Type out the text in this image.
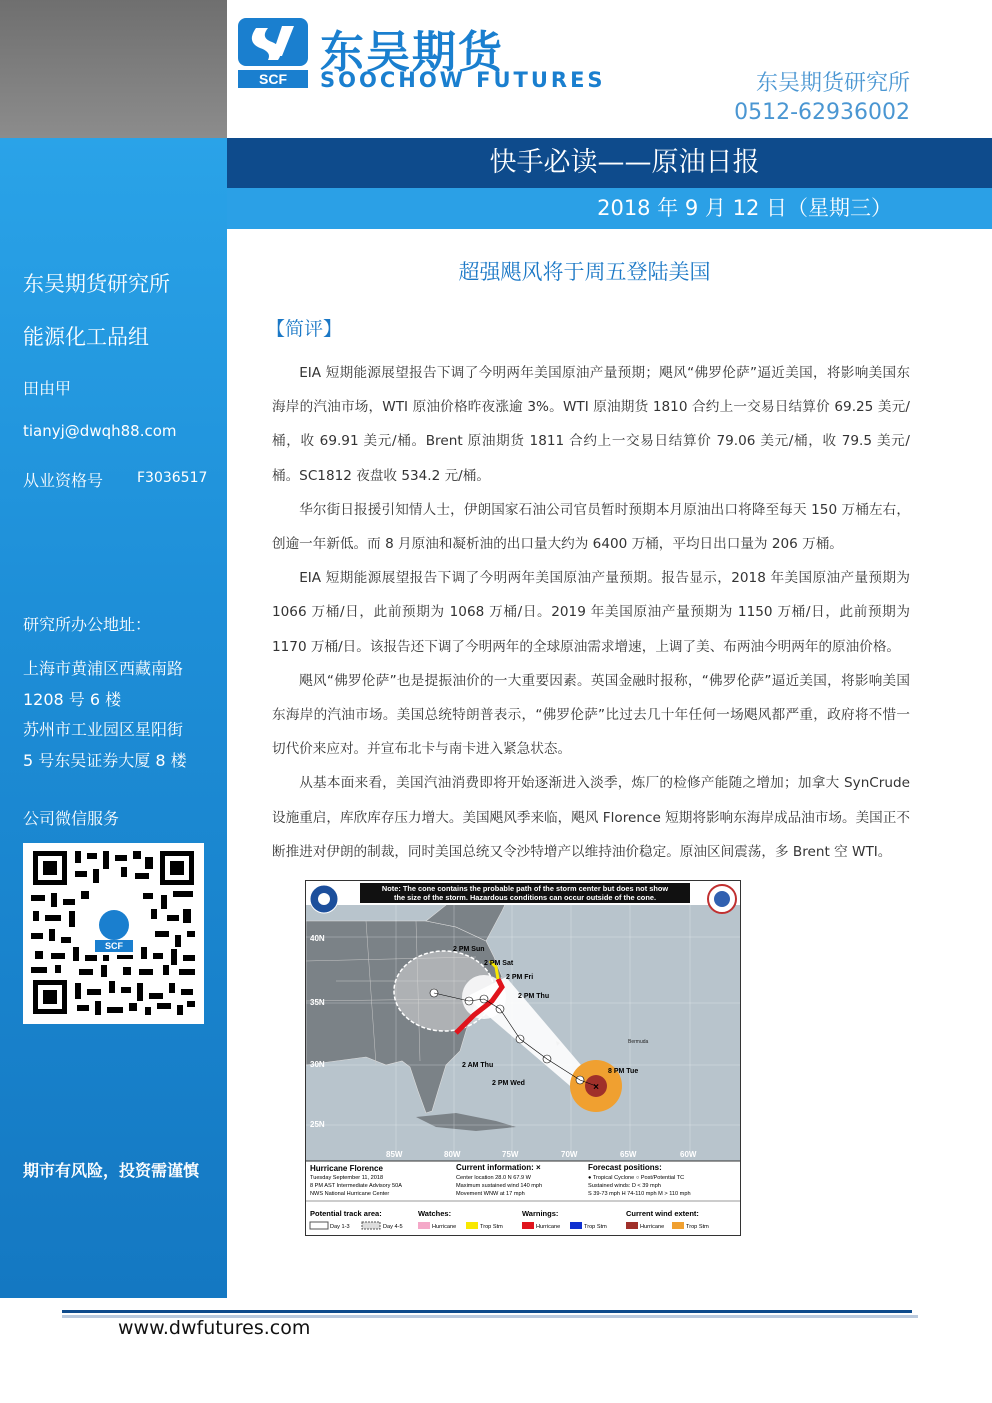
东吴期货研究所
能源化工品组
田由甲
tianyj@dwqh88.com
从业资格号 F3036517
研究所办公地址：
上海市黄浦区西藏南路
1208 号 6 楼
苏州市工业园区星阳街
5 号东吴证券大厦 8 楼
公司微信服务
SCF
期市有风险，投资需谨慎
SCF
东吴期货
SOOCHOW FUTURES	东吴期货研究所
0512-62936002
快手必读——原油日报
2018 年 9 月 12 日（星期三）
超强飓风将于周五登陆美国
【简评】

EIA 短期能源展望报告下调了今明两年美国原油产量预期；飓风“佛罗伦萨”逼近美国，将影响美国东海岸的汽油市场，WTI 原油价格昨夜涨逾 3%。WTI 原油期货 1810 合约上一交易日结算价 69.25 美元/桶，收 69.91 美元/桶。Brent 原油期货 1811 合约上一交易日结算价 79.06 美元/桶，收 79.5 美元/桶。SC1812 夜盘收 534.2 元/桶。

华尔街日报援引知情人士，伊朗国家石油公司官员暂时预期本月原油出口将降至每天 150 万桶左右，创逾一年新低。而 8 月原油和凝析油的出口量大约为 6400 万桶，平均日出口量为 206 万桶。

EIA 短期能源展望报告下调了今明两年美国原油产量预期。报告显示，2018 年美国原油产量预期为 1066 万桶/日，此前预期为 1068 万桶/日。2019 年美国原油产量预期为 1150 万桶/日，此前预期为 1170 万桶/日。该报告还下调了今明两年的全球原油需求增速，上调了美、布两油今明两年的原油价格。

飓风“佛罗伦萨”也是提振油价的一大重要因素。英国金融时报称，“佛罗伦萨”逼近美国，将影响美国东海岸的汽油市场。美国总统特朗普表示，“佛罗伦萨”比过去几十年任何一场飓风都严重，政府将不惜一切代价来应对。并宣布北卡与南卡进入紧急状态。

从基本面来看，美国汽油消费即将开始逐渐进入淡季，炼厂的检修产能随之增加；加拿大 SynCrude 设施重启，库欣库存压力增大。美国飓风季来临，飓风 Florence 短期将影响东海岸成品油市场。美国正不断推进对伊朗的制裁，同时美国总统又令沙特增产以维持油价稳定。原油区间震荡，多 Brent 空 WTI。

Note: The cone contains the probable path of the storm center but does not show
the size of the storm. Hazardous conditions can occur outside of the cone.
40N
35N
30N
25N
85W	80W	75W	70W	65W	60W
×
2 PM Sun
2 PM Sat
2 PM Fri
2 PM Thu
2 AM Thu
2 PM Wed
8 PM Tue
Bermuda
Hurricane Florence
Tuesday September 11, 2018
8 PM AST Intermediate Advisory 50A
NWS National Hurricane Center
Current information: ×
Center location 28.0 N 67.9 W
Maximum sustained wind 140 mph
Movement WNW at 17 mph
Forecast positions:
● Tropical Cyclone ○ Post/Potential TC
Sustained winds: D < 39 mph
S 39-73 mph H 74-110 mph M > 110 mph
Potential track area:
Day 1-3	Day 4-5
Watches:
Hurricane	Trop Stm
Warnings:
Hurricane	Trop Stm
Current wind extent:
Hurricane	Trop Stm
www.dwfutures.com
